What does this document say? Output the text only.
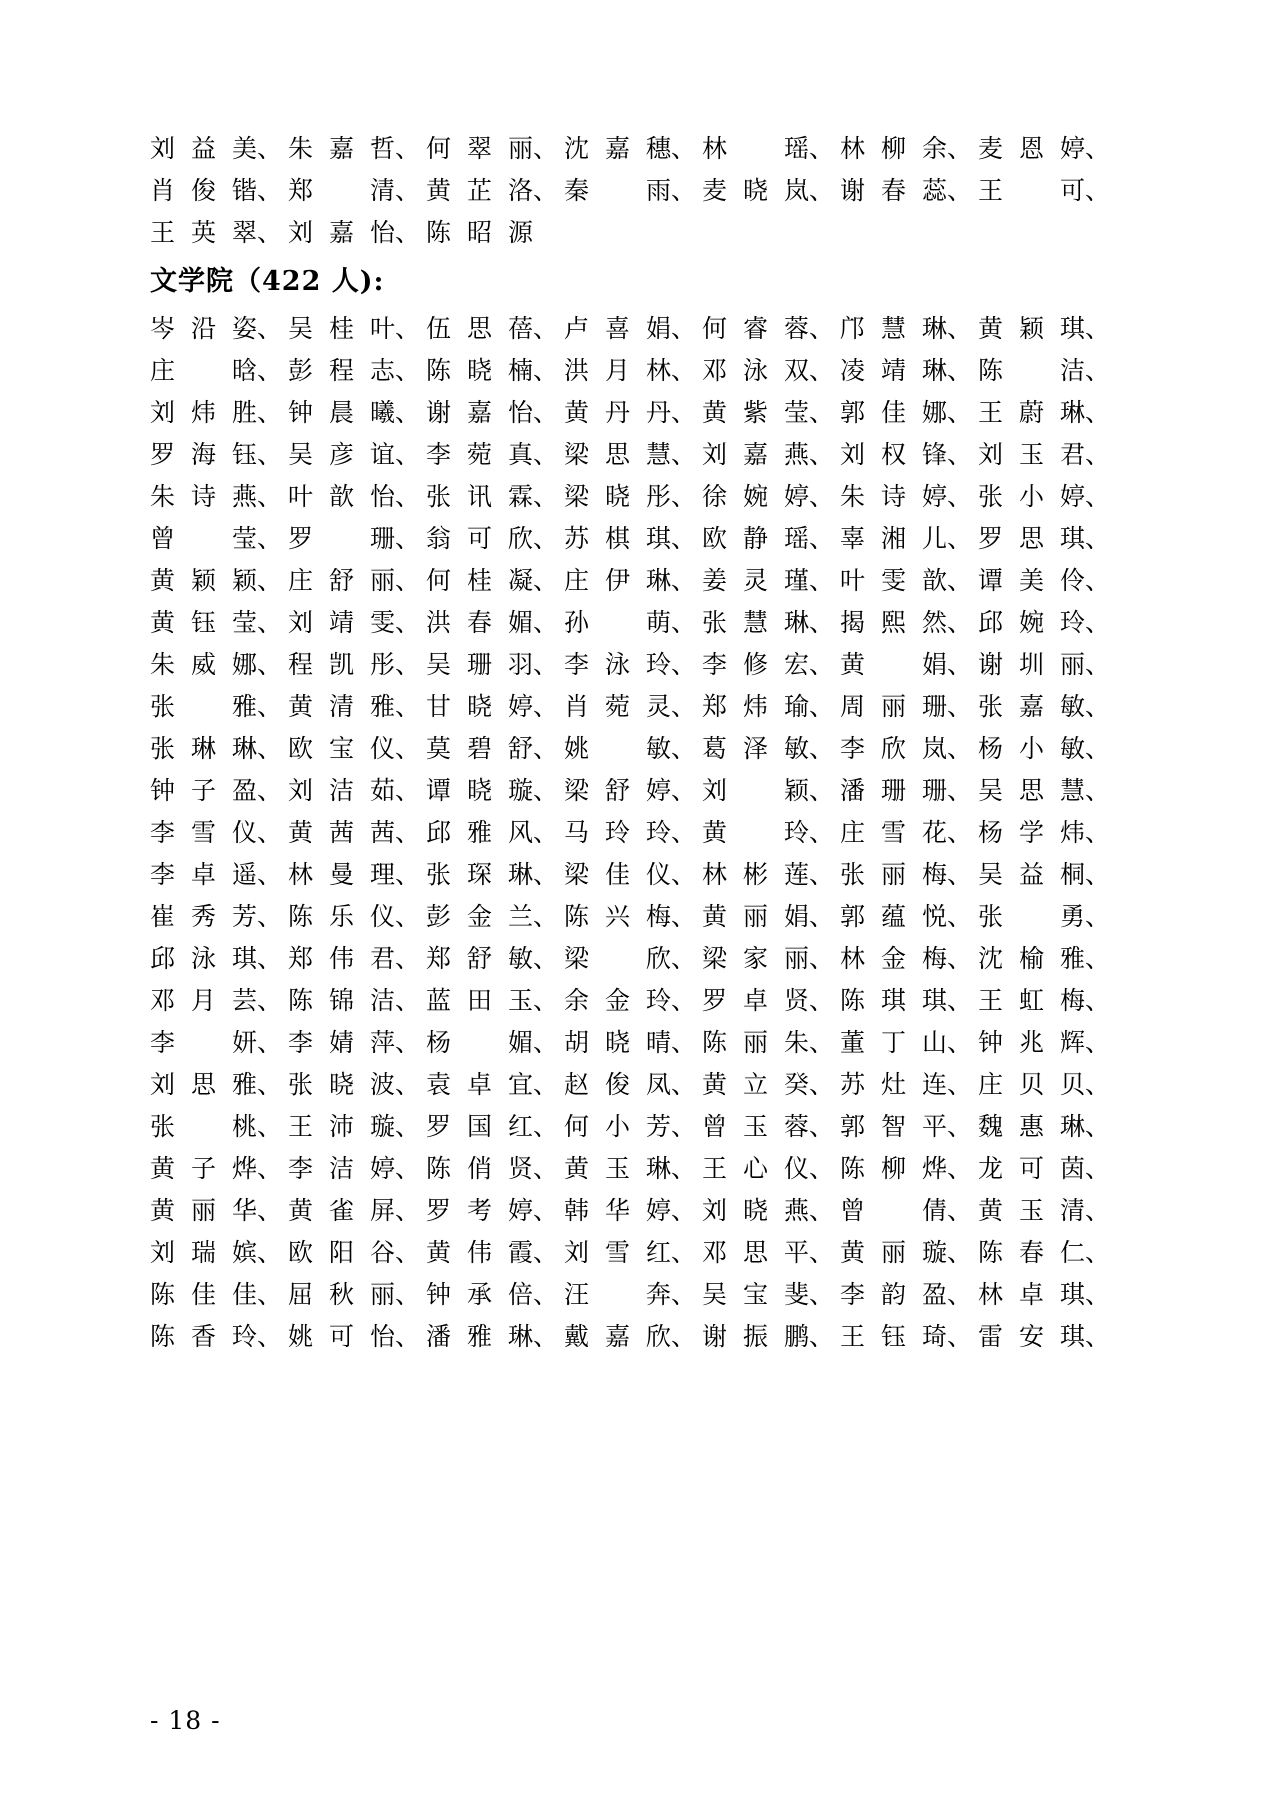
刘益美 、	朱嘉哲 、	何翠丽 、	沈嘉穗 、	林 瑶 、	林柳余 、	麦恩婷 、

肖俊锴 、	郑 清 、	黄芷洛 、	秦 雨 、	麦晓岚 、	谢春蕊 、	王 可 、

王英翠 、	刘嘉怡 、	陈昭源				

文学院（422 人):
岑沿姿 、	吴桂叶 、	伍思蓓 、	卢喜娟 、	何睿蓉 、	邝慧琳 、	黄颖琪 、

庄 晗 、	彭程志 、	陈晓楠 、	洪月林 、	邓泳双 、	凌靖琳 、	陈 洁 、

刘炜胜 、	钟晨曦 、	谢嘉怡 、	黄丹丹 、	黄紫莹 、	郭佳娜 、	王蔚琳 、

罗海钰 、	吴彦谊 、	李菀真 、	梁思慧 、	刘嘉燕 、	刘权锋 、	刘玉君 、

朱诗燕 、	叶歆怡 、	张讯霖 、	梁晓彤 、	徐婉婷 、	朱诗婷 、	张小婷 、

曾 莹 、	罗 珊 、	翁可欣 、	苏棋琪 、	欧静瑶 、	辜湘儿 、	罗思琪 、

黄颖颖 、	庄舒丽 、	何桂凝 、	庄伊琳 、	姜灵瑾 、	叶雯歆 、	谭美伶 、

黄钰莹 、	刘靖雯 、	洪春媚 、	孙 萌 、	张慧琳 、	揭熙然 、	邱婉玲 、

朱威娜 、	程凯彤 、	吴珊羽 、	李泳玲 、	李修宏 、	黄 娟 、	谢圳丽 、

张 雅 、	黄清雅 、	甘晓婷 、	肖菀灵 、	郑炜瑜 、	周丽珊 、	张嘉敏 、

张琳琳 、	欧宝仪 、	莫碧舒 、	姚 敏 、	葛泽敏 、	李欣岚 、	杨小敏 、

钟子盈 、	刘洁茹 、	谭晓璇 、	梁舒婷 、	刘 颖 、	潘珊珊 、	吴思慧 、

李雪仪 、	黄茜茜 、	邱雅风 、	马玲玲 、	黄 玲 、	庄雪花 、	杨学炜 、

李卓遥 、	林曼理 、	张琛琳 、	梁佳仪 、	林彬莲 、	张丽梅 、	吴益桐 、

崔秀芳 、	陈乐仪 、	彭金兰 、	陈兴梅 、	黄丽娟 、	郭蕴悦 、	张 勇 、

邱泳琪 、	郑伟君 、	郑舒敏 、	梁 欣 、	梁家丽 、	林金梅 、	沈榆雅 、

邓月芸 、	陈锦洁 、	蓝田玉 、	余金玲 、	罗卓贤 、	陈琪琪 、	王虹梅 、

李 妍 、	李婧萍 、	杨媚 、	胡晓晴 、	陈丽朱 、	董丁山 、	钟兆辉 、

刘思雅 、	张晓波 、	袁卓宜 、	赵俊凤 、	黄立癸 、	苏灶连 、	庄贝贝 、

张 桃 、	王沛璇 、	罗国红 、	何小芳 、	曾玉蓉 、	郭智平 、	魏惠琳 、

黄子烨 、	李洁婷 、	陈俏贤 、	黄玉琳 、	王心仪 、	陈柳烨 、	龙可茵 、

黄丽华 、	黄雀屏 、	罗考婷 、	韩华婷 、	刘晓燕 、	曾 倩 、	黄玉清 、

刘瑞嫔 、	欧阳谷 、	黄伟霞 、	刘雪红 、	邓思平 、	黄丽璇 、	陈春仁 、

陈佳佳 、	屈秋丽 、	钟承倍 、	汪 奔 、	吴宝斐 、	李韵盈 、	林卓琪 、

陈香玲 、	姚可怡 、	潘雅琳 、	戴嘉欣 、	谢振鹏 、	王钰琦 、	雷安琪 、
- 18 -
